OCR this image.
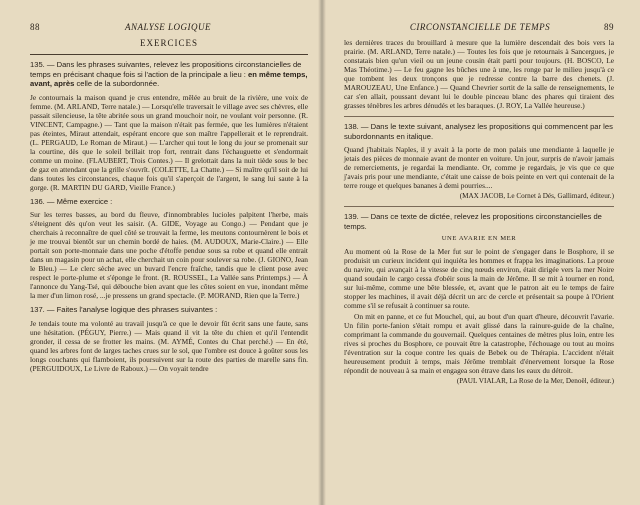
88	ANALYSE LOGIQUE
EXERCICES

135. — Dans les phrases suivantes, relevez les propositions circonstancielles de temps en précisant chaque fois si l'action de la principale a lieu : en même temps, avant, après celle de la subordonnée.

Je contournais la maison quand je crus entendre, mêlée au bruit de la rivière, une voix de femme. (M. ARLAND, Terre natale.) — Lorsqu'elle traversait le village avec ses chèvres, elle passait silencieuse, la tête abritée sous un grand mouchoir noir, ne voulant voir personne. (R. VINCENT, Campagne.) — Tant que la maison n'était pas fermée, que les lumières n'étaient pas éteintes, Miraut attendait, espérant encore que son maître l'appellerait et le reprendrait. (L. PERGAUD, Le Roman de Miraut.) — L'archer qui tout le long du jour se promenait sur la courtine, dès que le soleil brillait trop fort, rentrait dans l'échauguette et s'endormait comme un moine. (FLAUBERT, Trois Contes.) — Il grelottait dans la nuit tiède sous le bec de gaz en attendant que la grille s'ouvrît. (COLETTE, La Chatte.) — Si maître qu'il soit de lui dans toutes les circonstances, chaque fois qu'il s'aperçoit de l'argent, le sang lui saute à la gorge. (R. MARTIN DU GARD, Vieille France.)

136. — Même exercice :

Sur les terres basses, au bord du fleuve, d'innombrables lucioles palpitent l'herbe, mais s'éteignent dès qu'on veut les saisir. (A. GIDE, Voyage au Congo.) — Pendant que je cherchais à reconnaître de quel côté se trouvait la ferme, les meutons contournèrent le bois et je me trouvai bientôt sur un chemin bordé de haies. (M. AUDOUX, Marie-Claire.) — Elle portait son porte-monnaie dans une poche d'étoffe pendue sous sa robe et quand elle entrait dans un magasin pour un achat, elle cherchait un coin pour soulever sa robe. (J. GIONO, Jean le Bleu.) — Le clerc sèche avec un buvard l'encre fraîche, tandis que le client pose avec respect le porte-plume et s'éponge le front. (R. ROUSSEL, La Vallée sans Printemps.) — À l'annonce du Yang-Tsé, qui débouche bien avant que les côtes soient en vue, inondant même la mer d'un limon rosé, ...je pressens un grand spectacle. (P. MORAND, Rien que la Terre.)

137. — Faites l'analyse logique des phrases suivantes :

Je tendais toute ma volonté au travail jusqu'à ce que le devoir fût écrit sans une faute, sans une hésitation. (PÉGUY, Pierre.) — Mais quand il vit la tête du chien et qu'il l'entendit gronder, il cessa de se frotter les mains. (M. AYMÉ, Contes du Chat perché.) — En été, quand les arbres font de larges taches crues sur le sol, que l'ombre est douce à goûter sous les longs couchants qui flamboient, ils poursuivent sur la route des parties de marelle sans fin. (PERGUIDOUX, Le Livre de Raboux.) — On voyait tendre

CIRCONSTANCIELLE DE TEMPS	89

les dernières traces du brouillard à mesure que la lumière descendait des bois vers la prairie. (M. ARLAND, Terre natale.) — Toutes les fois que je retournais à Sancergues, je constatais bien qu'un vieil ou un jeune cousin était parti pour toujours. (H. BOSCO, Le Mas Théotime.) — Le feu gagne les bûches une à une, les ronge par le milieu jusqu'à ce que tombent les deux tronçons que je redresse contre la barre des chenets. (J. MAROUZEAU, Une Enfance.) — Quand Chevrier sortit de la salle de renseignements, le car s'en allait, poussant devant lui le double pinceau blanc des phares qui tiraient des grasses ténèbres les arbres dénudés et les baraques. (J. ROY, La Vallée heureuse.)

138. — Dans le texte suivant, analysez les propositions qui commencent par les subordonnants en italique.

Quand j'habitais Naples, il y avait à la porte de mon palais une mendiante à laquelle je jetais des pièces de monnaie avant de monter en voiture. Un jour, surpris de n'avoir jamais de remerciements, je regardai la mendiante. Or, comme je regardais, je vis que ce que j'avais pris pour une mendiante, c'était une caisse de bois peinte en vert qui contenait de la terre rouge et quelques bananes à demi pourries....

(MAX JACOB, Le Cornet à Dés, Gallimard, éditeur.)

139. — Dans ce texte de dictée, relevez les propositions circonstancielles de temps.

UNE AVARIE EN MER

Au moment où la Rose de la Mer fut sur le point de s'engager dans le Bosphore, il se produisit un curieux incident qui inquiéta les hommes et frappa les imaginations. La proue du navire, qui avançait à la vitesse de cinq nœuds environ, était dirigée vers la mer Noire quand soudain le cargo cessa d'obéir sous la main de Jérôme. Il se mit à tourner en rond, sur lui-même, comme une bête blessée, et, avant que le patron ait eu le temps de faire stopper les machines, il avait déjà décrit un arc de cercle et présentait sa poupe à l'Orient comme s'il se refusait à continuer sa route.

On mit en panne, et ce fut Mouchel, qui, au bout d'un quart d'heure, découvrit l'avarie. Un filin porte-fanion s'était rompu et avait glissé dans la rainure-guide de la chaîne, comprimant la commande du gouvernail. Quelques centaines de mètres plus loin, entre les rives si proches du Bosphore, ce pouvait être la catastrophe, l'échouage ou tout au moins l'éventration sur la coque contre les quais de Bebek ou de Thérapia. L'accident n'était heureusement produit à temps, mais Jérôme tremblait d'énervement lorsque la Rose répondit de nouveau à sa main et engagea son étrave dans les eaux du détroit.

(PAUL VIALAR, La Rose de la Mer, Denoël, éditeur.)
